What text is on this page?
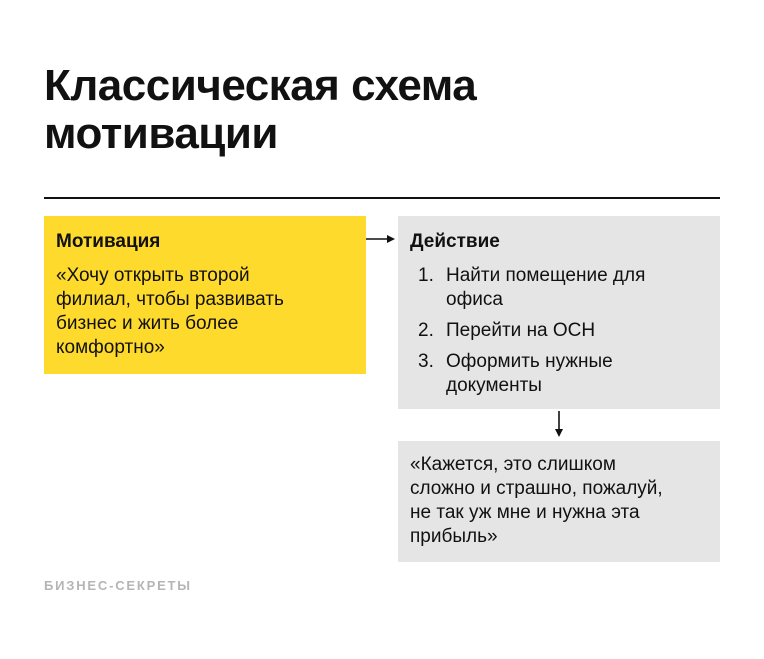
Классическая схема
мотивации
Мотивация
«Хочу открыть второй
филиал, чтобы развивать
бизнес и жить более
комфортно»
Действие
1. Найти помещение для
офиса
2. Перейти на ОСН
3. Оформить нужные
документы
«Кажется, это слишком
сложно и страшно, пожалуй,
не так уж мне и нужна эта
прибыль»
БИЗНЕС-СЕКРЕТЫ
